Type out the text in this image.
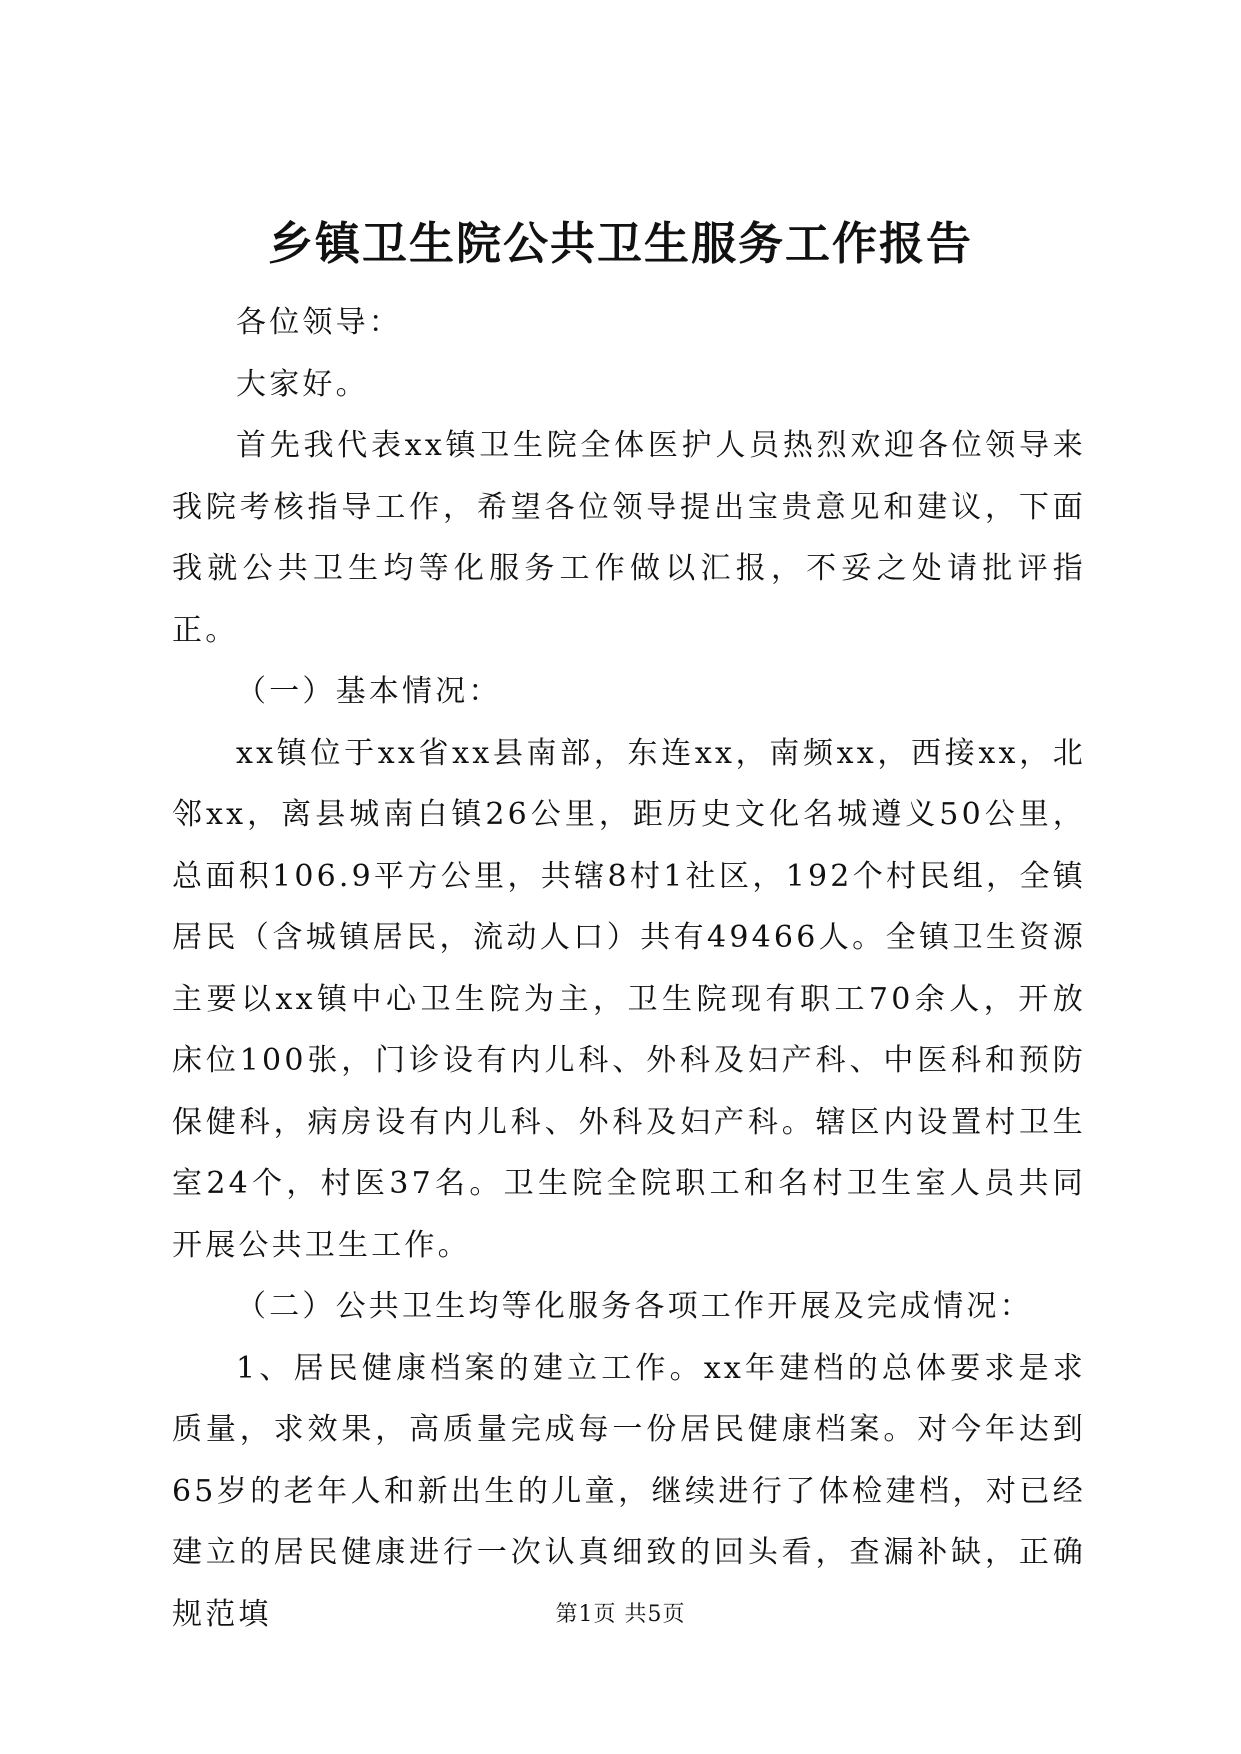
乡镇卫生院公共卫生服务工作报告

各位领导：

大家好。

首先我代表xx镇卫生院全体医护人员热烈欢迎各位领导来我院考核指导工作，希望各位领导提出宝贵意见和建议，下面我就公共卫生均等化服务工作做以汇报，不妥之处请批评指正。

（一）基本情况：

xx镇位于xx省xx县南部，东连xx，南频xx，西接xx，北邻xx，离县城南白镇26公里，距历史文化名城遵义50公里，总面积106.9平方公里，共辖8村1社区，192个村民组，全镇居民（含城镇居民，流动人口）共有49466人。全镇卫生资源主要以xx镇中心卫生院为主，卫生院现有职工70余人，开放床位100张，门诊设有内儿科、外科及妇产科、中医科和预防保健科，病房设有内儿科、外科及妇产科。辖区内设置村卫生室24个，村医37名。卫生院全院职工和名村卫生室人员共同开展公共卫生工作。

（二）公共卫生均等化服务各项工作开展及完成情况：

1、居民健康档案的建立工作。xx年建档的总体要求是求质量，求效果，高质量完成每一份居民健康档案。对今年达到65岁的老年人和新出生的儿童，继续进行了体检建档，对已经建立的居民健康进行一次认真细致的回头看，查漏补缺，正确规范填	第1页 共5页
